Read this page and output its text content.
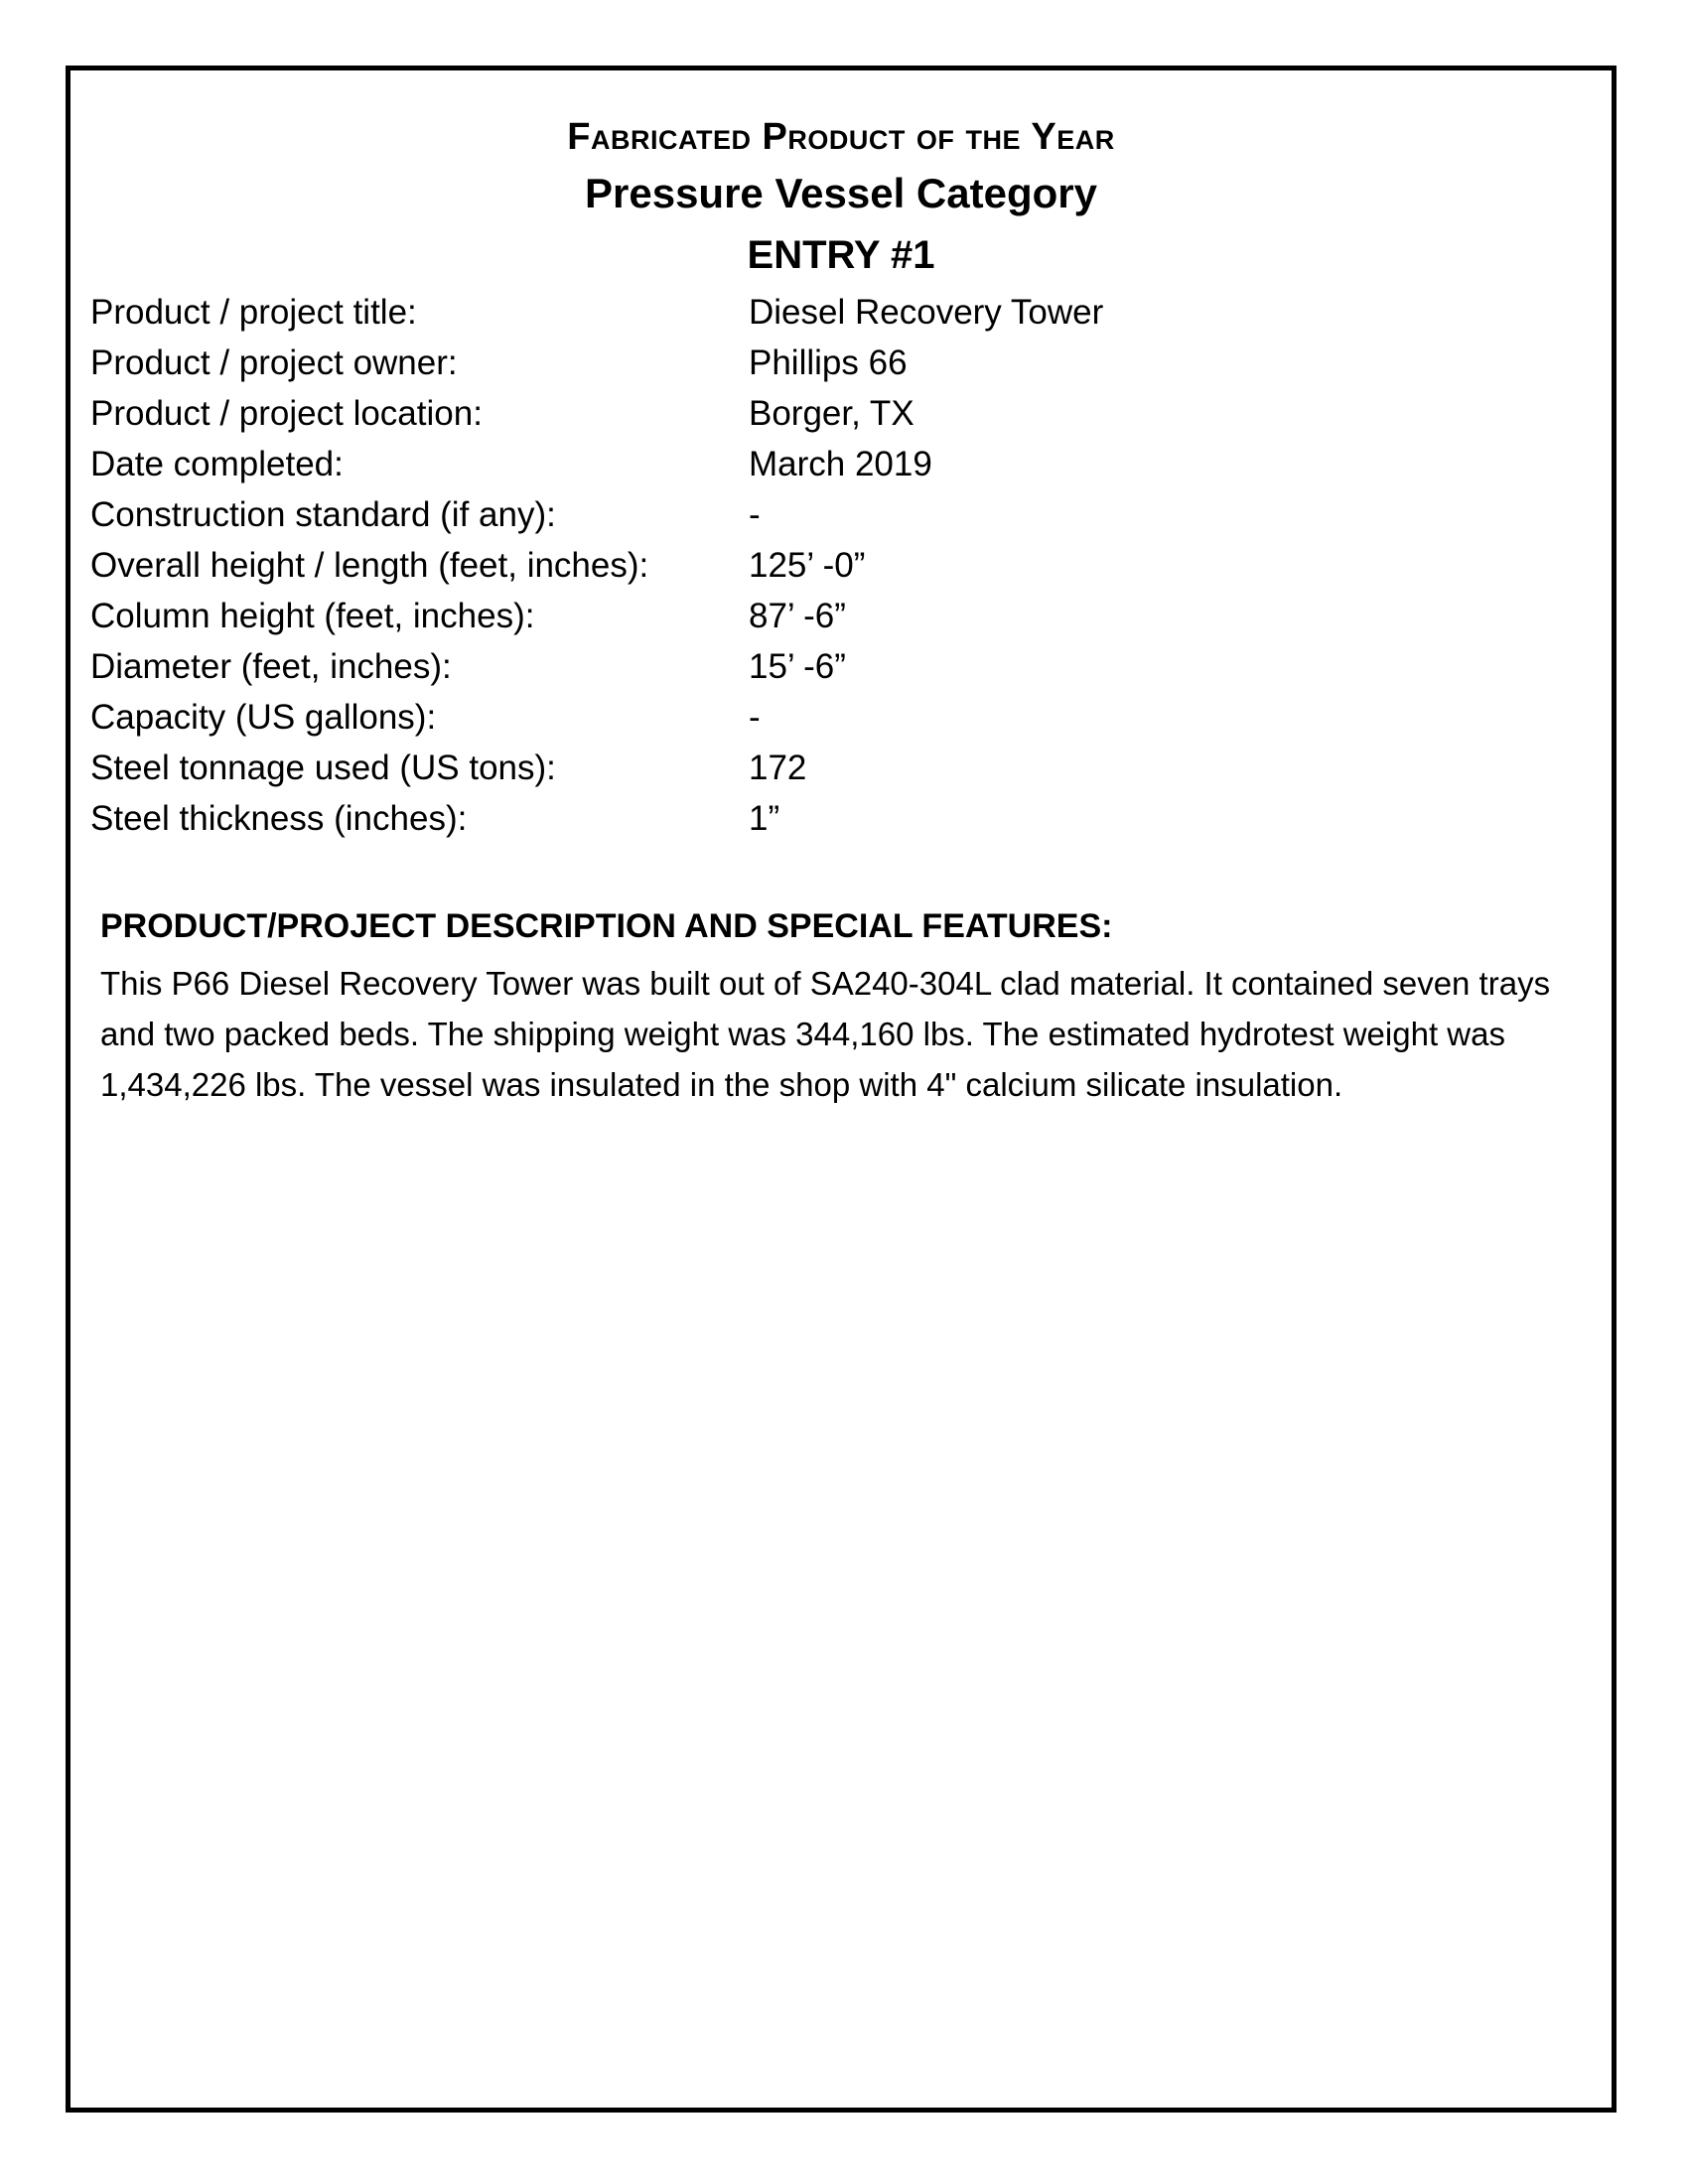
Fabricated Product of the Year
Pressure Vessel Category
ENTRY #1
Product / project title:	Diesel Recovery Tower
Product / project owner:	Phillips 66
Product / project location:	Borger, TX
Date completed:	March 2019
Construction standard (if any):	-
Overall height / length (feet, inches):	125’ -0”
Column height (feet, inches):	87’ -6”
Diameter (feet, inches):	15’ -6”
Capacity (US gallons):	-
Steel tonnage used (US tons):	172
Steel thickness (inches):	1”
PRODUCT/PROJECT DESCRIPTION AND SPECIAL FEATURES:

This P66 Diesel Recovery Tower was built out of SA240-304L clad material. It contained seven trays and two packed beds. The shipping weight was 344,160 lbs. The estimated hydrotest weight was 1,434,226 lbs. The vessel was insulated in the shop with 4" calcium silicate insulation.
